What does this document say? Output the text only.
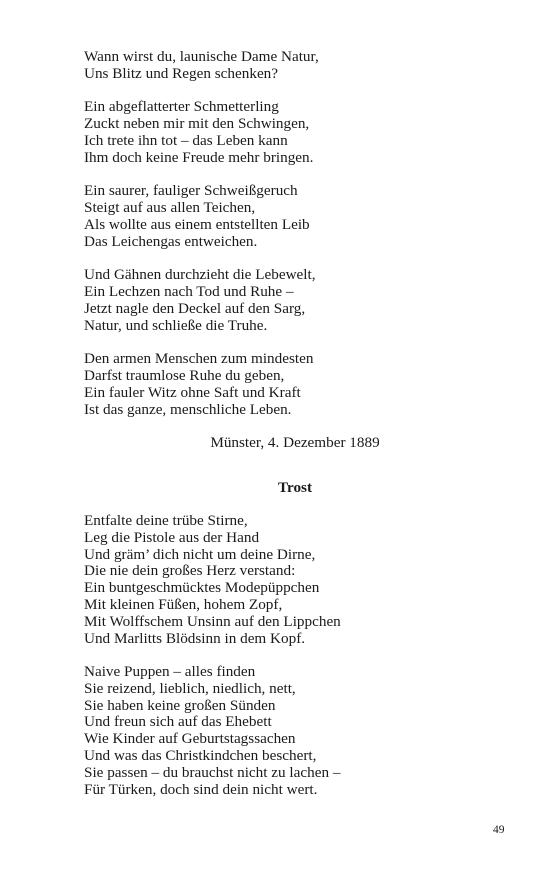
Wann wirst du, launische Dame Natur,
Uns Blitz und Regen schenken?
Ein abgeflatterter Schmetterling
Zuckt neben mir mit den Schwingen,
Ich trete ihn tot – das Leben kann
Ihm doch keine Freude mehr bringen.
Ein saurer, fauliger Schweißgeruch
Steigt auf aus allen Teichen,
Als wollte aus einem entstellten Leib
Das Leichengas entweichen.
Und Gähnen durchzieht die Lebewelt,
Ein Lechzen nach Tod und Ruhe –
Jetzt nagle den Deckel auf den Sarg,
Natur, und schließe die Truhe.
Den armen Menschen zum mindesten
Darfst traumlose Ruhe du geben,
Ein fauler Witz ohne Saft und Kraft
Ist das ganze, menschliche Leben.
Münster, 4. Dezember 1889
Trost
Entfalte deine trübe Stirne,
Leg die Pistole aus der Hand
Und gräm’ dich nicht um deine Dirne,
Die nie dein großes Herz verstand:
Ein buntgeschmücktes Modepüppchen
Mit kleinen Füßen, hohem Zopf,
Mit Wolffschem Unsinn auf den Lippchen
Und Marlitts Blödsinn in dem Kopf.
Naive Puppen – alles finden
Sie reizend, lieblich, niedlich, nett,
Sie haben keine großen Sünden
Und freun sich auf das Ehebett
Wie Kinder auf Geburtstagssachen
Und was das Christkindchen beschert,
Sie passen – du brauchst nicht zu lachen –
Für Türken, doch sind dein nicht wert.
49
